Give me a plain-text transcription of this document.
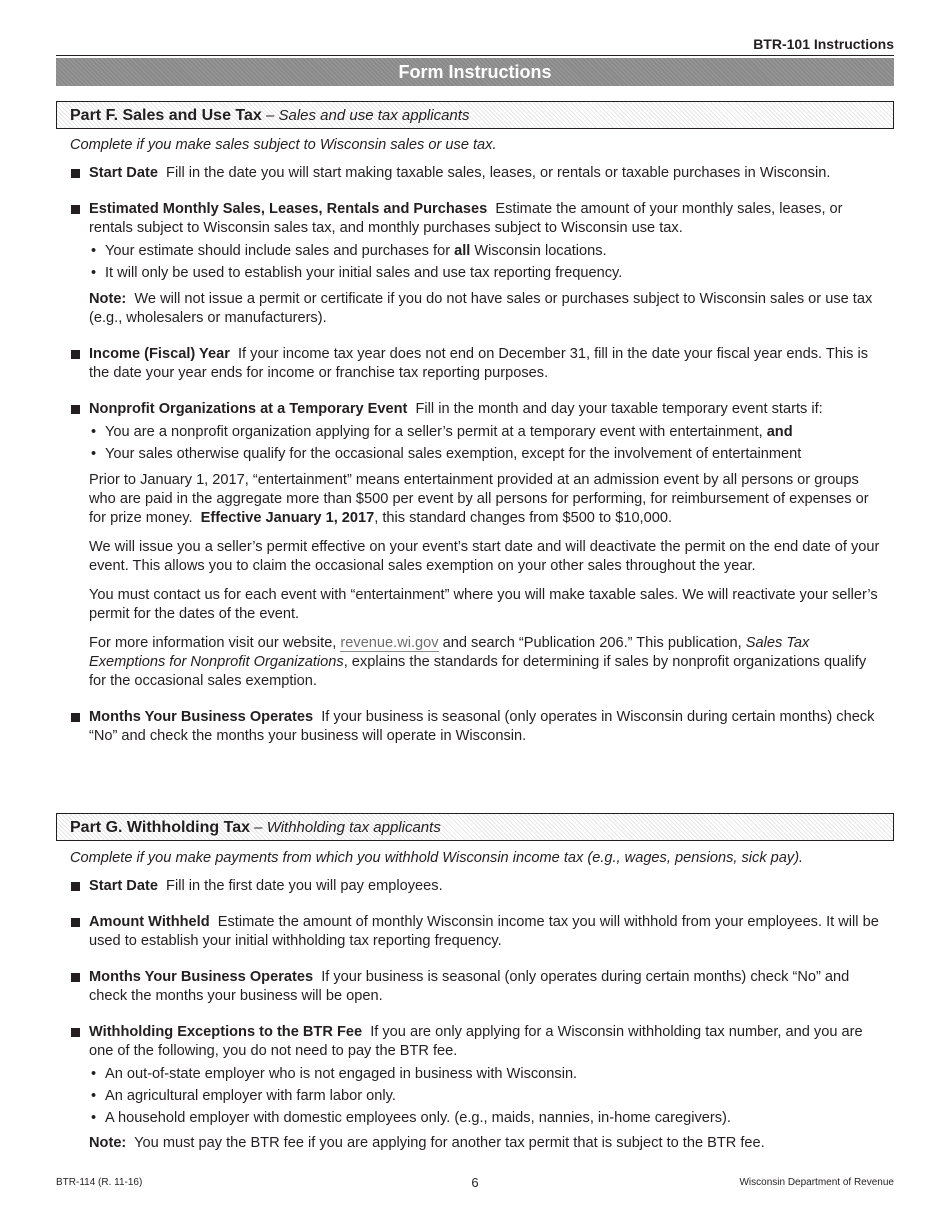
BTR-101 Instructions
Form Instructions
Part F. Sales and Use Tax – Sales and use tax applicants

Complete if you make sales subject to Wisconsin sales or use tax.

Start Date Fill in the date you will start making taxable sales, leases, or rentals or taxable purchases in Wisconsin.

Estimated Monthly Sales, Leases, Rentals and Purchases Estimate the amount of your monthly sales, leases, or rentals subject to Wisconsin sales tax, and monthly purchases subject to Wisconsin use tax.

• Your estimate should include sales and purchases for all Wisconsin locations.
• It will only be used to establish your initial sales and use tax reporting frequency.

Note: We will not issue a permit or certificate if you do not have sales or purchases subject to Wisconsin sales or use tax (e.g., wholesalers or manufacturers).

Income (Fiscal) Year If your income tax year does not end on December 31, fill in the date your fiscal year ends. This is the date your year ends for income or franchise tax reporting purposes.

Nonprofit Organizations at a Temporary Event Fill in the month and day your taxable temporary event starts if:

• You are a nonprofit organization applying for a seller’s permit at a temporary event with entertainment, and
• Your sales otherwise qualify for the occasional sales exemption, except for the involvement of entertainment

Prior to January 1, 2017, “entertainment” means entertainment provided at an admission event by all persons or groups who are paid in the aggregate more than $500 per event by all persons for performing, for reimbursement of expenses or for prize money. Effective January 1, 2017, this standard changes from $500 to $10,000.

We will issue you a seller’s permit effective on your event’s start date and will deactivate the permit on the end date of your event. This allows you to claim the occasional sales exemption on your other sales throughout the year.

You must contact us for each event with “entertainment” where you will make taxable sales. We will reactivate your seller’s permit for the dates of the event.

For more information visit our website, revenue.wi.gov and search “Publication 206.” This publication, Sales Tax Exemptions for Nonprofit Organizations, explains the standards for determining if sales by nonprofit organizations qualify for the occasional sales exemption.

Months Your Business Operates If your business is seasonal (only operates in Wisconsin during certain months) check “No” and check the months your business will operate in Wisconsin.

Part G. Withholding Tax – Withholding tax applicants

Complete if you make payments from which you withhold Wisconsin income tax (e.g., wages, pensions, sick pay).

Start Date Fill in the first date you will pay employees.

Amount Withheld Estimate the amount of monthly Wisconsin income tax you will withhold from your employees. It will be used to establish your initial withholding tax reporting frequency.

Months Your Business Operates If your business is seasonal (only operates during certain months) check “No” and check the months your business will be open.

Withholding Exceptions to the BTR Fee If you are only applying for a Wisconsin withholding tax number, and you are one of the following, you do not need to pay the BTR fee.

• An out-of-state employer who is not engaged in business with Wisconsin.
• An agricultural employer with farm labor only.
• A household employer with domestic employees only. (e.g., maids, nannies, in-home caregivers).

Note: You must pay the BTR fee if you are applying for another tax permit that is subject to the BTR fee.

BTR-114 (R. 11-16)	6	Wisconsin Department of Revenue
